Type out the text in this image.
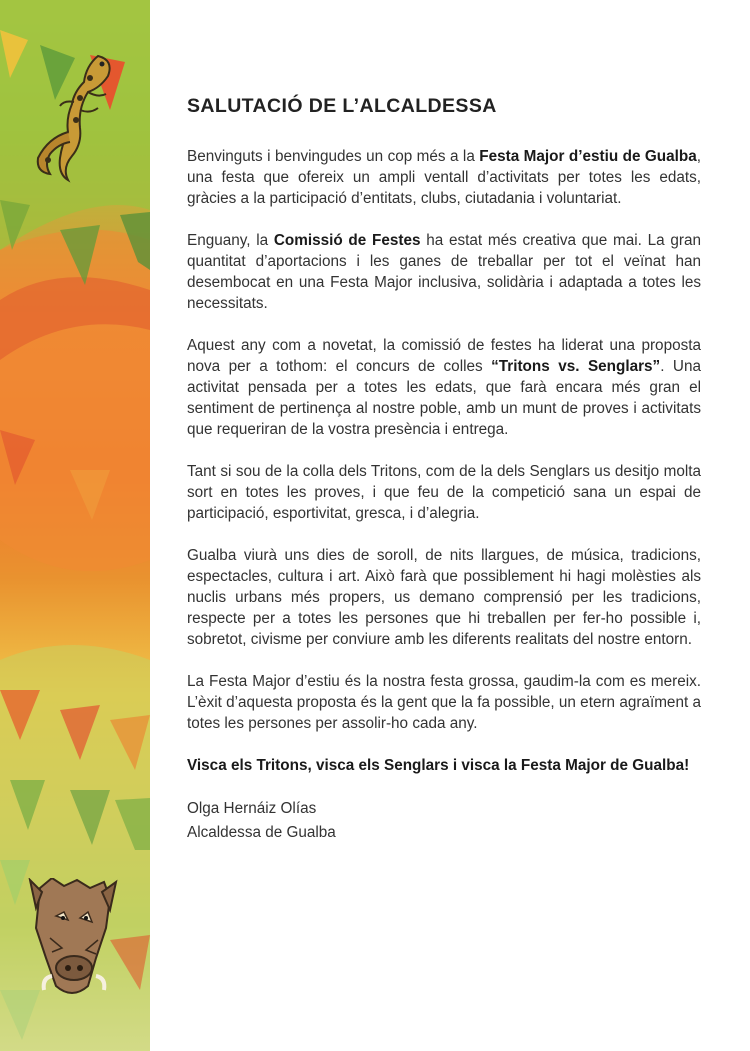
SALUTACIÓ DE L’ALCALDESSA

Benvinguts i benvingudes un cop més a la Festa Major d’estiu de Gualba, una festa que ofereix un ampli ventall d’activitats per totes les edats, gràcies a la participació d’entitats, clubs, ciutadania i voluntariat.

Enguany, la Comissió de Festes ha estat més creativa que mai. La gran quantitat d’aportacions i les ganes de treballar per tot el veïnat han desembocat en una Festa Major inclusiva, solidària i adaptada a totes les necessitats.

Aquest any com a novetat, la comissió de festes ha liderat una proposta nova per a tothom: el concurs de colles “Tritons vs. Senglars”. Una activitat pensada per a totes les edats, que farà encara més gran el sentiment de pertinença al nostre poble, amb un munt de proves i activitats que requeriran de la vostra presència i entrega.

Tant si sou de la colla dels Tritons, com de la dels Senglars us desitjo molta sort en totes les proves, i que feu de la competició sana un espai de participació, esportivitat, gresca, i d’alegria.

Gualba viurà uns dies de soroll, de nits llargues, de música, tradicions, espectacles, cultura i art. Això farà que possiblement hi hagi molèsties als nuclis urbans més propers, us demano comprensió per les tradicions, respecte per a totes les persones que hi treballen per fer-ho possible i, sobretot, civisme per conviure amb les diferents realitats del nostre entorn.

La Festa Major d’estiu és la nostra festa grossa, gaudim-la com es mereix. L’èxit d’aquesta proposta és la gent que la fa possible, un etern agraïment a totes les persones per assolir-ho cada any.

Visca els Tritons, visca els Senglars i visca la Festa Major de Gualba!

Olga Hernáiz Olías

Alcaldessa de Gualba
